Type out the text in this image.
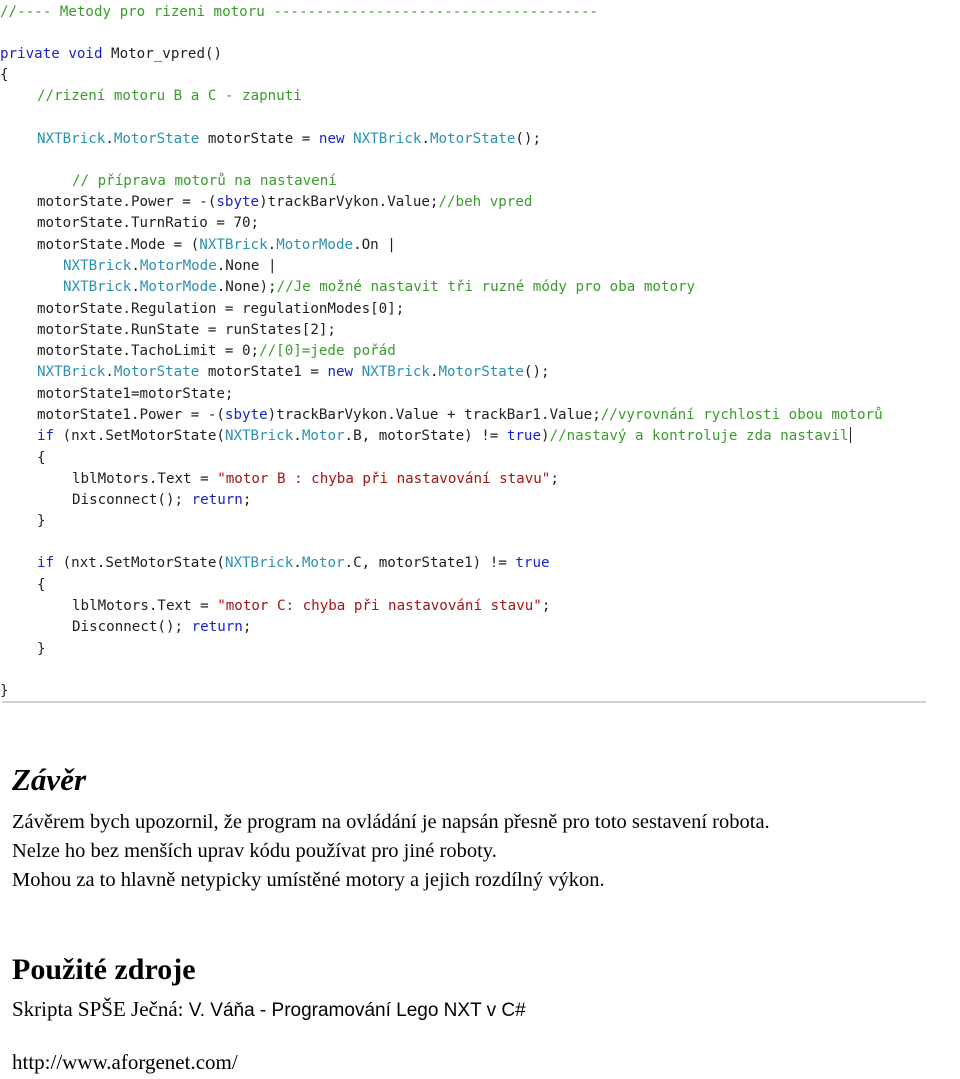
//---- Metody pro rizeni motoru --------------------------------------
private void Motor_vpred()
{
//rizení motoru B a C - zapnuti
NXTBrick.MotorState motorState = new NXTBrick.MotorState();
// příprava motorů na nastavení
motorState.Power = -(sbyte)trackBarVykon.Value;//beh vpred
motorState.TurnRatio = 70;
motorState.Mode = (NXTBrick.MotorMode.On |
NXTBrick.MotorMode.None |
NXTBrick.MotorMode.None);//Je možné nastavit tři ruzné módy pro oba motory
motorState.Regulation = regulationModes[0];
motorState.RunState = runStates[2];
motorState.TachoLimit = 0;//[0]=jede pořád
NXTBrick.MotorState motorState1 = new NXTBrick.MotorState();
motorState1=motorState;
motorState1.Power = -(sbyte)trackBarVykon.Value + trackBar1.Value;//vyrovnání rychlosti obou motorů
if (nxt.SetMotorState(NXTBrick.Motor.B, motorState) != true)//nastavý a kontroluje zda nastavil
{
lblMotors.Text = "motor B : chyba při nastavování stavu";
Disconnect(); return;
}
if (nxt.SetMotorState(NXTBrick.Motor.C, motorState1) != true
{
lblMotors.Text = "motor C: chyba při nastavování stavu";
Disconnect(); return;
}
}
Závěr
Závěrem bych upozornil, že program na ovládání je napsán přesně pro toto sestavení robota.
Nelze ho bez menších uprav kódu používat pro jiné roboty.
Mohou za to hlavně netypicky umístěné motory a jejich rozdílný výkon.
Použité zdroje
Skripta SPŠE Ječná: V. Váňa - Programování Lego NXT v C#
http://www.aforgenet.com/
